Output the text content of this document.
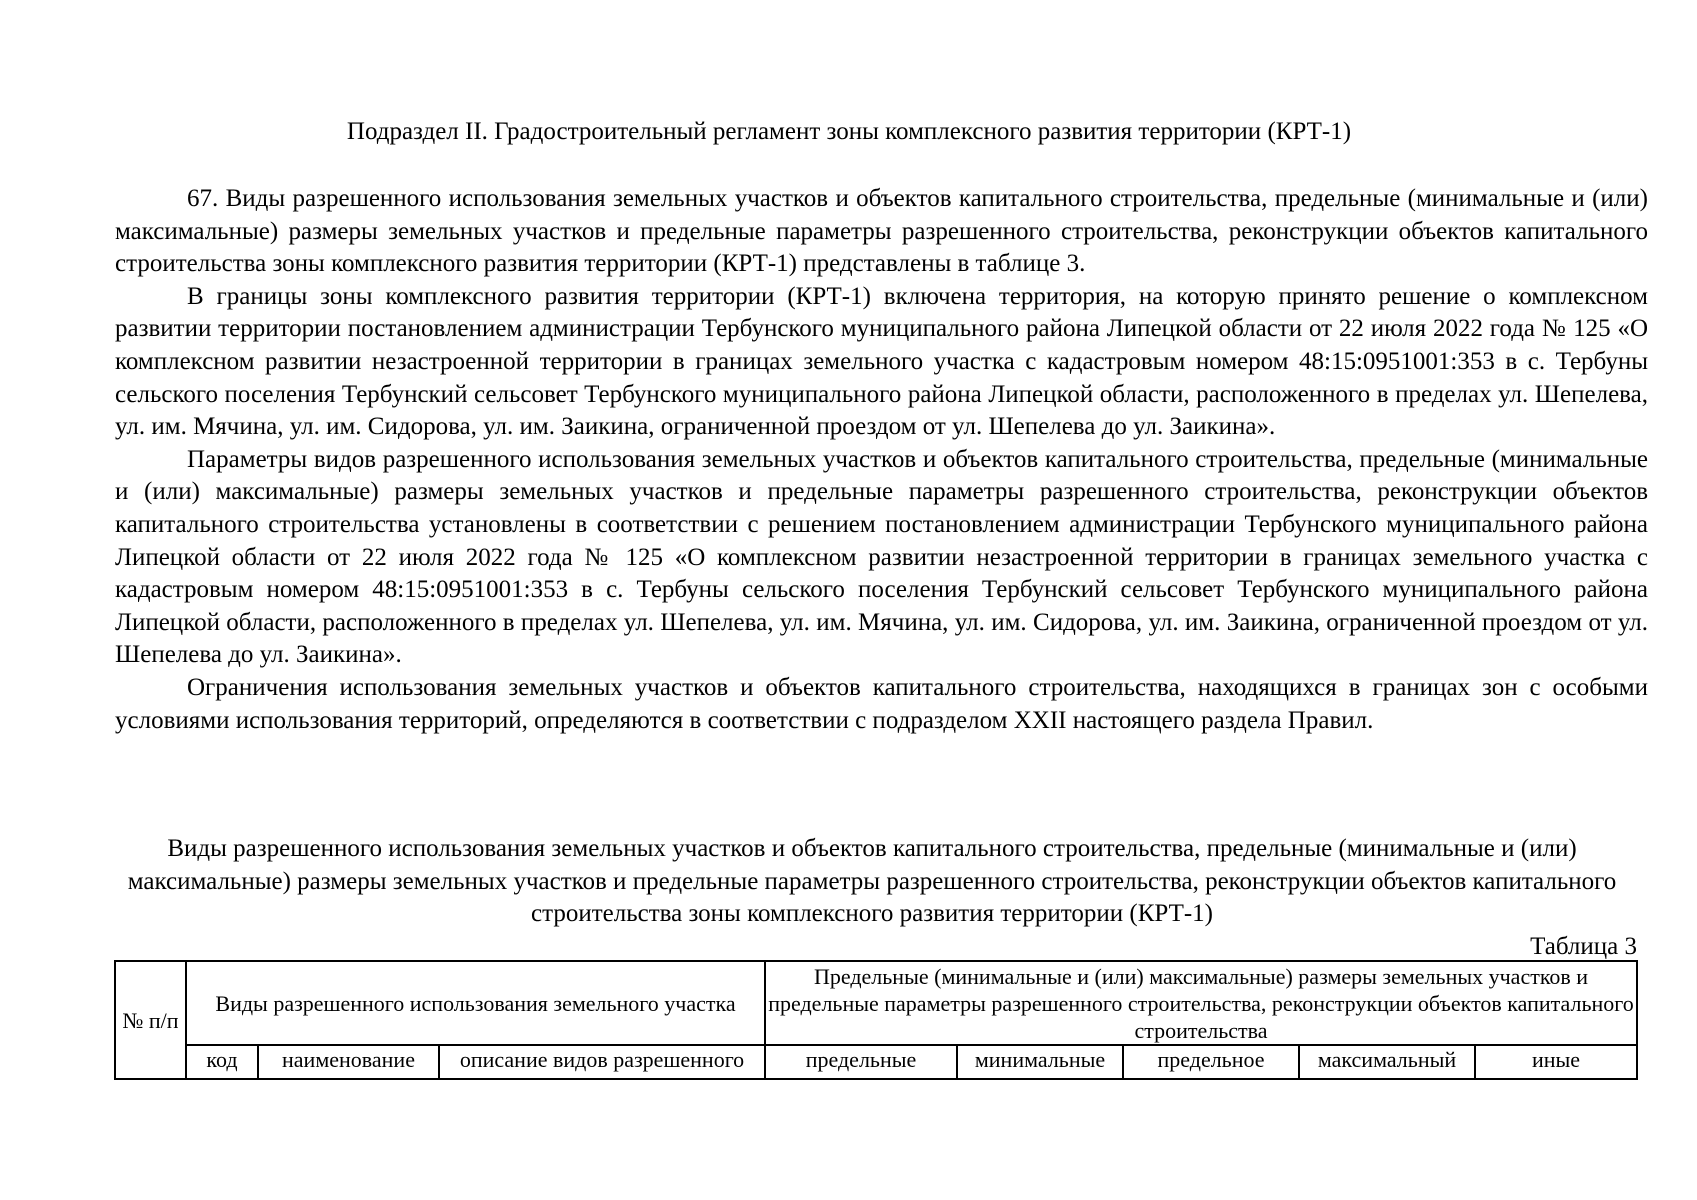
Подраздел II. Градостроительный регламент зоны комплексного развития территории (КРТ-1)

67. Виды разрешенного использования земельных участков и объектов капитального строительства, предельные (минимальные и (или) максимальные) размеры земельных участков и предельные параметры разрешенного строительства, реконструкции объектов капитального строительства зоны комплексного развития территории (КРТ-1) представлены в таблице 3.

В границы зоны комплексного развития территории (КРТ-1) включена территория, на которую принято решение о комплексном развитии территории постановлением администрации Тербунского муниципального района Липецкой области от 22 июля 2022 года № 125 «О комплексном развитии незастроенной территории в границах земельного участка с кадастровым номером 48:15:0951001:353 в с. Тербуны сельского поселения Тербунский сельсовет Тербунского муниципального района Липецкой области, расположенного в пределах ул. Шепелева, ул. им. Мячина, ул. им. Сидорова, ул. им. Заикина, ограниченной проездом от ул. Шепелева до ул. Заикина».

Параметры видов разрешенного использования земельных участков и объектов капитального строительства, предельные (минимальные и (или) максимальные) размеры земельных участков и предельные параметры разрешенного строительства, реконструкции объектов капитального строительства установлены в соответствии с решением постановлением администрации Тербунского муниципального района Липецкой области от 22 июля 2022 года № 125 «О комплексном развитии незастроенной территории в границах земельного участка с кадастровым номером 48:15:0951001:353 в с. Тербуны сельского поселения Тербунский сельсовет Тербунского муниципального района Липецкой области, расположенного в пределах ул. Шепелева, ул. им. Мячина, ул. им. Сидорова, ул. им. Заикина, ограниченной проездом от ул. Шепелева до ул. Заикина».

Ограничения использования земельных участков и объектов капитального строительства, находящихся в границах зон с особыми условиями использования территорий, определяются в соответствии с подразделом XXII настоящего раздела Правил.

Виды разрешенного использования земельных участков и объектов капитального строительства, предельные (минимальные и (или) максимальные) размеры земельных участков и предельные параметры разрешенного строительства, реконструкции объектов капитального строительства зоны комплексного развития территории (КРТ-1)
Таблица 3
№ п/п	Виды разрешенного использования земельного участка			Предельные (минимальные и (или) максимальные) размеры земельных участков и предельные параметры разрешенного строительства, реконструкции объектов капитального строительства				
	код	наименование	описание видов разрешенного	предельные	минимальные	предельное	максимальный	иные
